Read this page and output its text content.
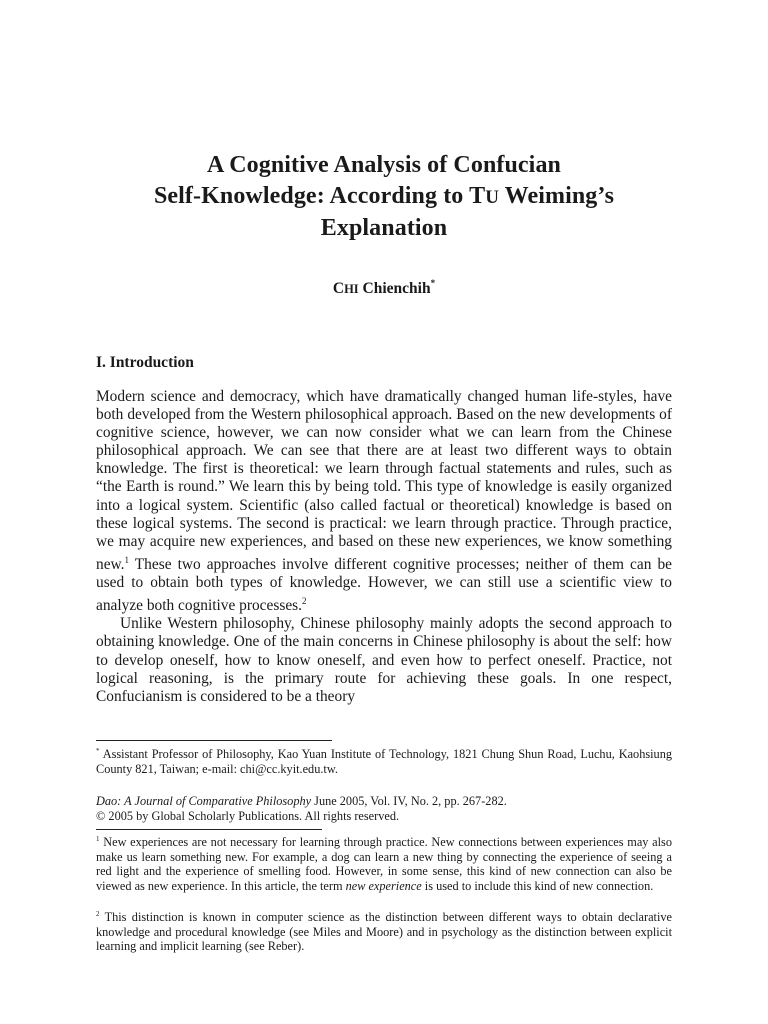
A Cognitive Analysis of Confucian
Self-Knowledge: According to TU Weiming’s
Explanation
CHI Chienchih*
I. Introduction

Modern science and democracy, which have dramatically changed human life-styles, have both developed from the Western philosophical approach. Based on the new developments of cognitive science, however, we can now consider what we can learn from the Chinese philosophical approach. We can see that there are at least two different ways to obtain knowledge. The first is theoretical: we learn through factual statements and rules, such as “the Earth is round.” We learn this by being told. This type of knowledge is easily organized into a logical system. Scientific (also called factual or theoretical) knowledge is based on these logical systems. The second is practical: we learn through practice. Through practice, we may acquire new experiences, and based on these new experiences, we know something new.$^1$ These two approaches involve different cognitive processes; neither of them can be used to obtain both types of knowledge. However, we can still use a scientific view to analyze both cognitive processes.$^2$

Unlike Western philosophy, Chinese philosophy mainly adopts the second approach to obtaining knowledge. One of the main concerns in Chinese philosophy is about the self: how to develop oneself, how to know oneself, and even how to perfect oneself. Practice, not logical reasoning, is the primary route for achieving these goals. In one respect, Confucianism is considered to be a theory

* Assistant Professor of Philosophy, Kao Yuan Institute of Technology, 1821 Chung Shun Road, Luchu, Kaohsiung County 821, Taiwan; e-mail: chi@cc.kyit.edu.tw.
Dao: A Journal of Comparative Philosophy June 2005, Vol. IV, No. 2, pp. 267-282.
© 2005 by Global Scholarly Publications. All rights reserved.
$^1$ New experiences are not necessary for learning through practice. New connections between experiences may also make us learn something new. For example, a dog can learn a new thing by connecting the experience of seeing a red light and the experience of smelling food. However, in some sense, this kind of new connection can also be viewed as new experience. In this article, the term new experience is used to include this kind of new connection.
$^2$ This distinction is known in computer science as the distinction between different ways to obtain declarative knowledge and procedural knowledge (see Miles and Moore) and in psychology as the distinction between explicit learning and implicit learning (see Reber).
